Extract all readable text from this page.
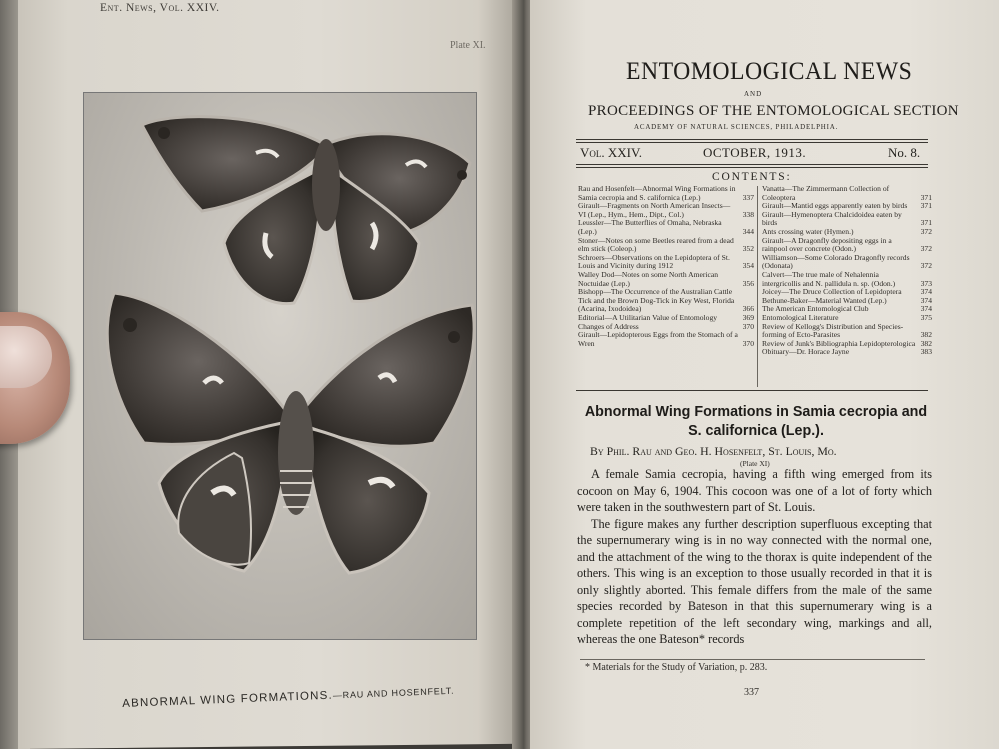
Ent. News, Vol. XXIV.
Plate XI.
ABNORMAL WING FORMATIONS.—RAU AND HOSENFELT.
ENTOMOLOGICAL NEWS
AND
PROCEEDINGS OF THE ENTOMOLOGICAL SECTION
ACADEMY OF NATURAL SCIENCES, PHILADELPHIA.
Vol. XXIV.	OCTOBER, 1913.	No. 8.
CONTENTS:

Rau and Hosenfelt—Abnormal Wing Formations in Samia cecropia and S. californica (Lep.)	337

Girault—Fragments on North American Insects—VI (Lep., Hym., Hem., Dipt., Col.)	338

Leussler—The Butterflies of Omaha, Nebraska (Lep.)	344

Stoner—Notes on some Beetles reared from a dead elm stick (Coleop.)	352

Schroers—Observations on the Lepidoptera of St. Louis and Vicinity during 1912	354

Walley Dod—Notes on some North American Noctuidae (Lep.)	356

Bishopp—The Occurrence of the Australian Cattle Tick and the Brown Dog-Tick in Key West, Florida (Acarina, Ixodoidea)	366

Editorial—A Utilitarian Value of Entomology	369

Changes of Address	370

Girault—Lepidopterous Eggs from the Stomach of a Wren	370

Vanatta—The Zimmermann Collection of Coleoptera	371

Girault—Mantid eggs apparently eaten by birds 371

Girault—Hymenoptera Chalcidoidea eaten by birds	371

Ants crossing water (Hymen.)	372

Girault—A Dragonfly depositing eggs in a rainpool over concrete (Odon.)	372

Williamson—Some Colorado Dragonfly records (Odonata)	372

Calvert—The true male of Nehalennia intergricollis and N. pallidula n. sp. (Odon.)	373

Joicey—The Druce Collection of Lepidoptera	374

Bethune-Baker—Material Wanted (Lep.)	374

The American Entomological Club	374

Entomological Literature	375

Review of Kellogg's Distribution and Species-forming of Ecto-Parasites	382

Review of Junk's Bibliographia Lepidopterologica 382

Obituary—Dr. Horace Jayne	383

Abnormal Wing Formations in Samia cecropia and S. californica (Lep.).
By Phil. Rau and Geo. H. Hosenfelt, St. Louis, Mo.
(Plate XI)

A female Samia cecropia, having a fifth wing emerged from its cocoon on May 6, 1904. This cocoon was one of a lot of forty which were taken in the southwestern part of St. Louis.

The figure makes any further description superfluous excepting that the supernumerary wing is in no way connected with the normal one, and the attachment of the wing to the thorax is quite independent of the others. This wing is an exception to those usually recorded in that it is only slightly aborted. This female differs from the male of the same species recorded by Bateson in that this supernumerary wing is a complete repetition of the left secondary wing, markings and all, whereas the one Bateson* records

* Materials for the Study of Variation, p. 283.
337
